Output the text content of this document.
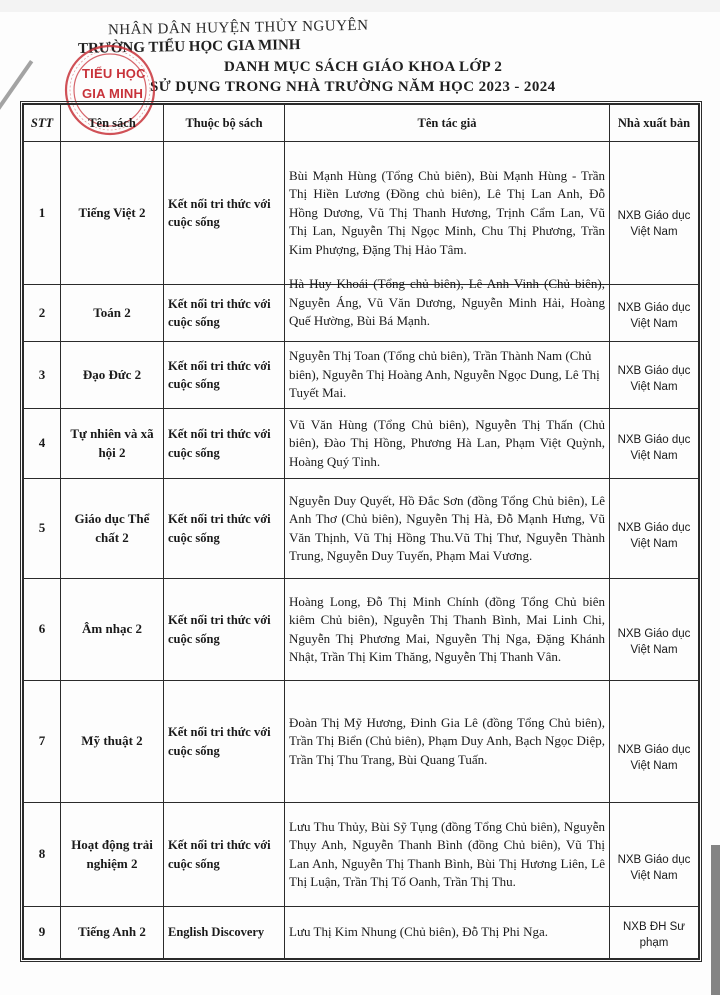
NHÂN DÂN HUYỆN THỦY NGUYÊN
TRƯỜNG TIỂU HỌC GIA MINH
DANH MỤC SÁCH GIÁO KHOA LỚP 2
SỬ DỤNG TRONG NHÀ TRƯỜNG NĂM HỌC 2023 - 2024
TIỂU HỌC
GIA MINH
STT	Tên sách	Thuộc bộ sách	Tên tác giả	Nhà xuất bản
1	Tiếng Việt 2	Kết nối tri thức với cuộc sống	Bùi Mạnh Hùng (Tổng Chủ biên), Bùi Mạnh Hùng - Trần Thị Hiền Lương (Đồng chủ biên), Lê Thị Lan Anh, Đỗ Hồng Dương, Vũ Thị Thanh Hương, Trịnh Cẩm Lan, Vũ Thị Lan, Nguyễn Thị Ngọc Minh, Chu Thị Phương, Trần Kim Phượng, Đặng Thị Hảo Tâm.	NXB Giáo dục Việt Nam
2	Toán 2	Kết nối tri thức với cuộc sống	Hà Huy Khoái (Tổng chủ biên), Lê Anh Vinh (Chủ biên), Nguyễn Áng, Vũ Văn Dương, Nguyễn Minh Hải, Hoàng Quế Hường, Bùi Bá Mạnh.	NXB Giáo dục Việt Nam
3	Đạo Đức 2	Kết nối tri thức với cuộc sống	Nguyễn Thị Toan (Tổng chủ biên), Trần Thành Nam (Chủ biên), Nguyễn Thị Hoàng Anh, Nguyễn Ngọc Dung, Lê Thị Tuyết Mai.	NXB Giáo dục Việt Nam
4	Tự nhiên và xã hội 2	Kết nối tri thức với cuộc sống	Vũ Văn Hùng (Tổng Chủ biên), Nguyễn Thị Thấn (Chủ biên), Đào Thị Hồng, Phương Hà Lan, Phạm Việt Quỳnh, Hoàng Quý Tỉnh.	NXB Giáo dục Việt Nam
5	Giáo dục Thể chất 2	Kết nối tri thức với cuộc sống	Nguyễn Duy Quyết, Hồ Đắc Sơn (đồng Tổng Chủ biên), Lê Anh Thơ (Chủ biên), Nguyễn Thị Hà, Đỗ Mạnh Hưng, Vũ Văn Thịnh, Vũ Thị Hồng Thu.Vũ Thị Thư, Nguyễn Thành Trung, Nguyễn Duy Tuyến, Phạm Mai Vương.	NXB Giáo dục Việt Nam
6	Âm nhạc 2	Kết nối tri thức với cuộc sống	Hoàng Long, Đỗ Thị Minh Chính (đồng Tổng Chủ biên kiêm Chủ biên), Nguyễn Thị Thanh Bình, Mai Linh Chi, Nguyễn Thị Phương Mai, Nguyễn Thị Nga, Đặng Khánh Nhật, Trần Thị Kim Thăng, Nguyễn Thị Thanh Vân.	NXB Giáo dục Việt Nam
7	Mỹ thuật 2	Kết nối tri thức với cuộc sống	Đoàn Thị Mỹ Hương, Đinh Gia Lê (đồng Tổng Chủ biên), Trần Thị Biển (Chủ biên), Phạm Duy Anh, Bạch Ngọc Diệp, Trần Thị Thu Trang, Bùi Quang Tuấn.	NXB Giáo dục Việt Nam
8	Hoạt động trải nghiệm 2	Kết nối tri thức với cuộc sống	Lưu Thu Thủy, Bùi Sỹ Tụng (đồng Tổng Chủ biên), Nguyễn Thụy Anh, Nguyễn Thanh Bình (đồng Chủ biên), Vũ Thị Lan Anh, Nguyễn Thị Thanh Bình, Bùi Thị Hương Liên, Lê Thị Luận, Trần Thị Tố Oanh, Trần Thị Thu.	NXB Giáo dục Việt Nam
9	Tiếng Anh 2	English Discovery	Lưu Thị Kim Nhung (Chủ biên), Đỗ Thị Phi Nga.	NXB ĐH Sư phạm
